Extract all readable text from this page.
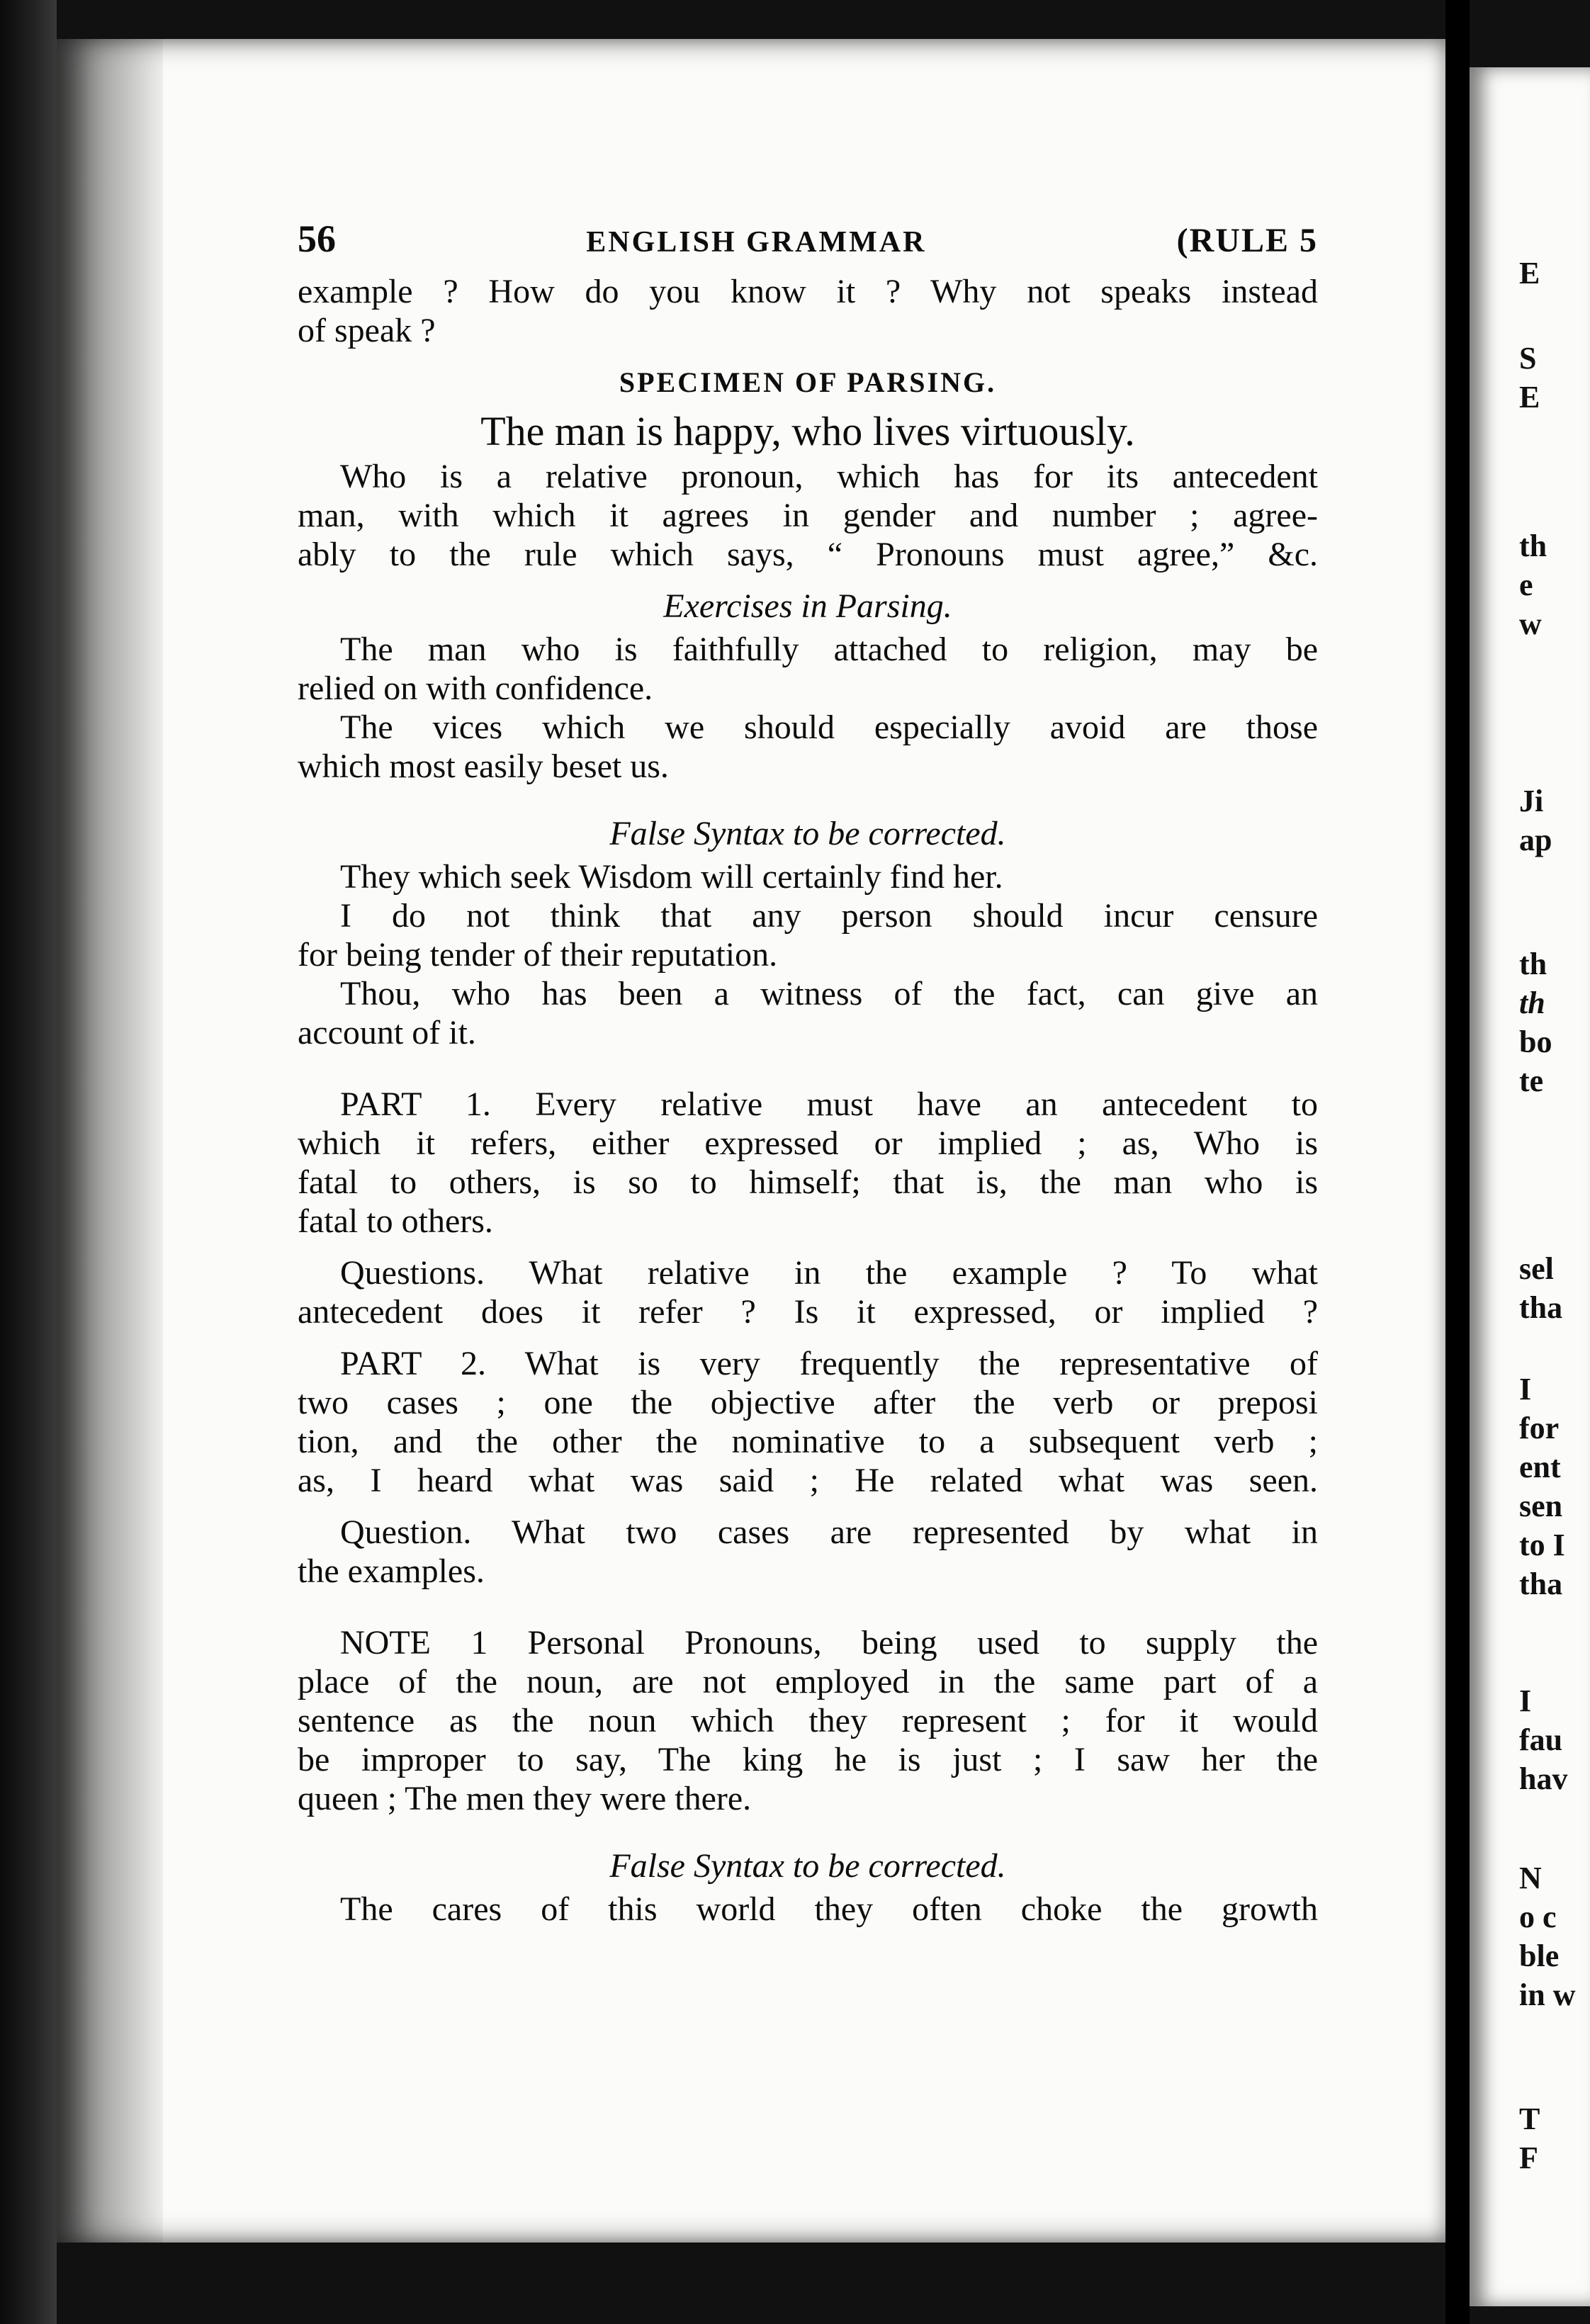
E
S
E
th
e
w
Ji
ap
th
th
bo
te
sel
tha
I
for
ent
sen
to I
tha
I
fau
hav
N
o c
ble
in w
T
F
56	ENGLISH GRAMMAR	(RULE 5
example ? How do you know it ? Why not speaks instead
of speak ?
SPECIMEN OF PARSING.
The man is happy, who lives virtuously.
Who is a relative pronoun, which has for its antecedent
man, with which it agrees in gender and number ; agree-
ably to the rule which says, “ Pronouns must agree,” &c.
Exercises in Parsing.
The man who is faithfully attached to religion, may be
relied on with confidence.
The vices which we should especially avoid are those
which most easily beset us.
False Syntax to be corrected.
They which seek Wisdom will certainly find her.
I do not think that any person should incur censure
for being tender of their reputation.
Thou, who has been a witness of the fact, can give an
account of it.
PART 1. Every relative must have an antecedent to
which it refers, either expressed or implied ; as, Who is
fatal to others, is so to himself; that is, the man who is
fatal to others.
Questions. What relative in the example ? To what
antecedent does it refer ? Is it expressed, or implied ?
PART 2. What is very frequently the representative of
two cases ; one the objective after the verb or preposi
tion, and the other the nominative to a subsequent verb ;
as, I heard what was said ; He related what was seen.
Question. What two cases are represented by what in
the examples.
NOTE 1 Personal Pronouns, being used to supply the
place of the noun, are not employed in the same part of a
sentence as the noun which they represent ; for it would
be improper to say, The king he is just ; I saw her the
queen ; The men they were there.
False Syntax to be corrected.
The cares of this world they often choke the growth
